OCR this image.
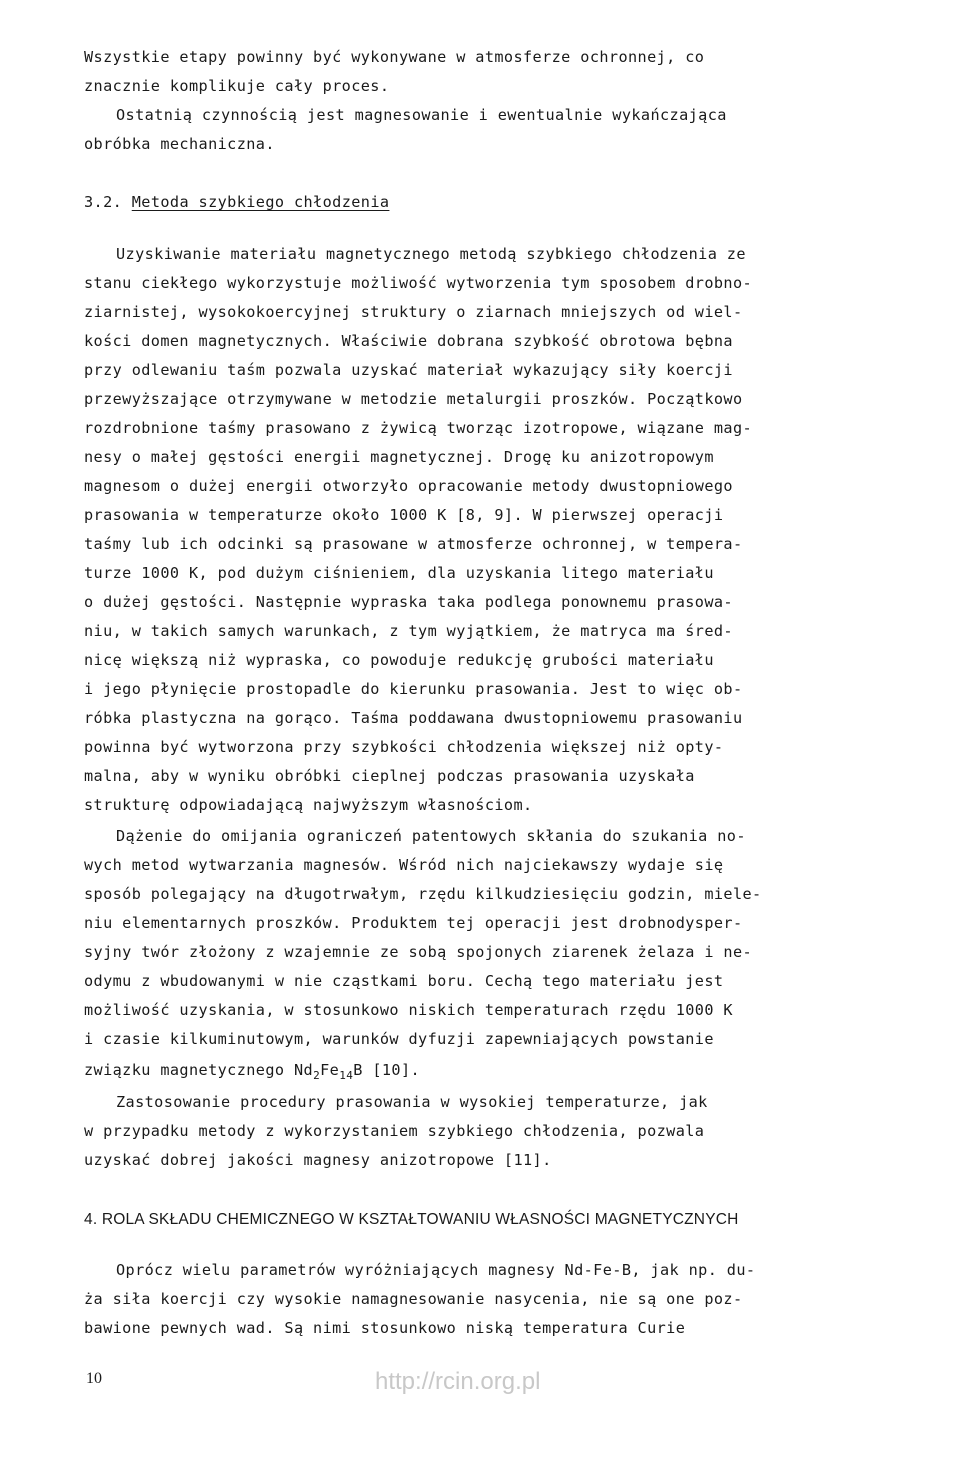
Wszystkie etapy powinny być wykonywane w atmosferze ochronnej, co
znacznie komplikuje cały proces.
Ostatnią czynnością jest magnesowanie i ewentualnie wykańczająca
obróbka mechaniczna.
3.2. Metoda szybkiego chłodzenia
Uzyskiwanie materiału magnetycznego metodą szybkiego chłodzenia ze
stanu ciekłego wykorzystuje możliwość wytworzenia tym sposobem drobno-
ziarnistej, wysokokoercyjnej struktury o ziarnach mniejszych od wiel-
kości domen magnetycznych. Właściwie dobrana szybkość obrotowa bębna
przy odlewaniu taśm pozwala uzyskać materiał wykazujący siły koercji
przewyższające otrzymywane w metodzie metalurgii proszków. Początkowo
rozdrobnione taśmy prasowano z żywicą tworząc izotropowe, wiązane mag-
nesy o małej gęstości energii magnetycznej. Drogę ku anizotropowym
magnesom o dużej energii otworzyło opracowanie metody dwustopniowego
prasowania w temperaturze około 1000 K [8, 9]. W pierwszej operacji
taśmy lub ich odcinki są prasowane w atmosferze ochronnej, w tempera-
turze 1000 K, pod dużym ciśnieniem, dla uzyskania litego materiału
o dużej gęstości. Następnie wypraska taka podlega ponownemu prasowa-
niu, w takich samych warunkach, z tym wyjątkiem, że matryca ma śred-
nicę większą niż wypraska, co powoduje redukcję grubości materiału
i jego płynięcie prostopadle do kierunku prasowania. Jest to więc ob-
róbka plastyczna na gorąco. Taśma poddawana dwustopniowemu prasowaniu
powinna być wytworzona przy szybkości chłodzenia większej niż opty-
malna, aby w wyniku obróbki cieplnej podczas prasowania uzyskała
strukturę odpowiadającą najwyższym własnościom.
Dążenie do omijania ograniczeń patentowych skłania do szukania no-
wych metod wytwarzania magnesów. Wśród nich najciekawszy wydaje się
sposób polegający na długotrwałym, rzędu kilkudziesięciu godzin, miele-
niu elementarnych proszków. Produktem tej operacji jest drobnodysper-
syjny twór złożony z wzajemnie ze sobą spojonych ziarenek żelaza i ne-
odymu z wbudowanymi w nie cząstkami boru. Cechą tego materiału jest
możliwość uzyskania, w stosunkowo niskich temperaturach rzędu 1000 K
i czasie kilkuminutowym, warunków dyfuzji zapewniających powstanie
związku magnetycznego $Nd_2Fe_{14}B$ [10].
Zastosowanie procedury prasowania w wysokiej temperaturze, jak
w przypadku metody z wykorzystaniem szybkiego chłodzenia, pozwala
uzyskać dobrej jakości magnesy anizotropowe [11].
4. ROLA SKŁADU CHEMICZNEGO W KSZTAŁTOWANIU WŁASNOŚCI MAGNETYCZNYCH
Oprócz wielu parametrów wyróżniających magnesy Nd-Fe-B, jak np. du-
ża siła koercji czy wysokie namagnesowanie nasycenia, nie są one poz-
bawione pewnych wad. Są nimi stosunkowo niską temperatura Curie
10	http://rcin.org.pl
